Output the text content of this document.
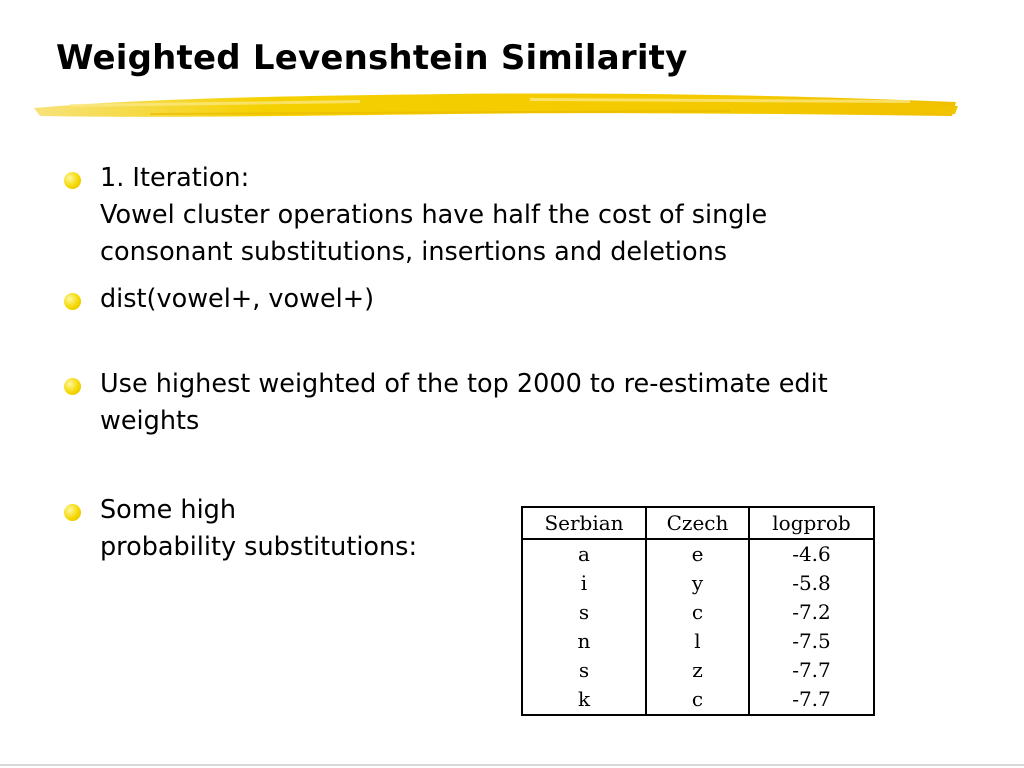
Weighted Levenshtein Similarity
1. Iteration:
Vowel cluster operations have half the cost of single
consonant substitutions, insertions and deletions
dist(vowel+, vowel+)
Use highest weighted of the top 2000 to re-estimate edit
weights
Some high
probability substitutions:
Serbian	Czech	logprob
a	e	-4.6
i	y	-5.8
s	c	-7.2
n	l	-7.5
s	z	-7.7
k	c	-7.7
